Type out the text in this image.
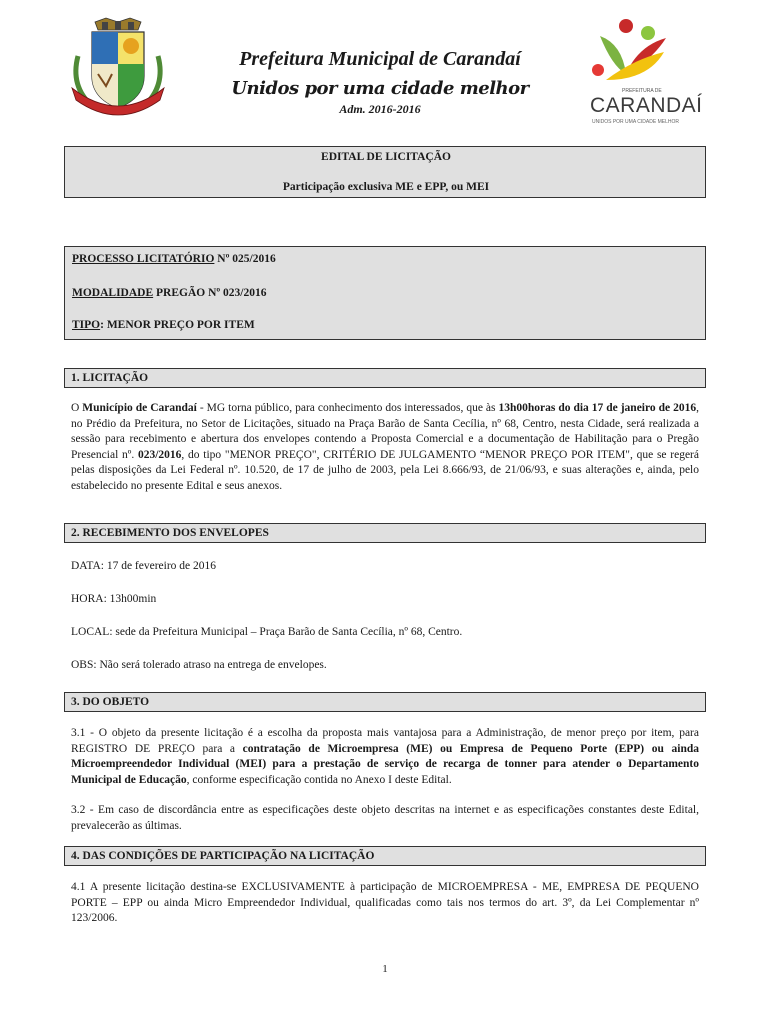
Prefeitura Municipal de Carandaí
Unidos por uma cidade melhor
Adm. 2016-2016
PREFEITURA DE
CARANDAÍ
UNIDOS POR UMA CIDADE MELHOR
EDITAL DE LICITAÇÃO
Participação exclusiva ME e EPP, ou MEI
PROCESSO LICITATÓRIO Nº 025/2016
MODALIDADE PREGÃO Nº 023/2016
TIPO: MENOR PREÇO POR ITEM
1. LICITAÇÃO
O Município de Carandaí - MG torna público, para conhecimento dos interessados, que às 13h00horas do dia 17 de janeiro de 2016, no Prédio da Prefeitura, no Setor de Licitações, situado na Praça Barão de Santa Cecília, nº 68, Centro, nesta Cidade, será realizada a sessão para recebimento e abertura dos envelopes contendo a Proposta Comercial e a documentação de Habilitação para o Pregão Presencial nº. 023/2016, do tipo "MENOR PREÇO", CRITÉRIO DE JULGAMENTO “MENOR PREÇO POR ITEM", que se regerá pelas disposições da Lei Federal nº. 10.520, de 17 de julho de 2003, pela Lei 8.666/93, de 21/06/93, e suas alterações e, ainda, pelo estabelecido no presente Edital e seus anexos.
2. RECEBIMENTO DOS ENVELOPES
DATA: 17 de fevereiro de 2016
HORA: 13h00min
LOCAL: sede da Prefeitura Municipal – Praça Barão de Santa Cecília, nº 68, Centro.
OBS: Não será tolerado atraso na entrega de envelopes.
3. DO OBJETO
3.1 - O objeto da presente licitação é a escolha da proposta mais vantajosa para a Administração, de menor preço por item, para REGISTRO DE PREÇO para a contratação de Microempresa (ME) ou Empresa de Pequeno Porte (EPP) ou ainda Microempreendedor Individual (MEI) para a prestação de serviço de recarga de tonner para atender o Departamento Municipal de Educação, conforme especificação contida no Anexo I deste Edital.
3.2 - Em caso de discordância entre as especificações deste objeto descritas na internet e as especificações constantes deste Edital, prevalecerão as últimas.
4. DAS CONDIÇÕES DE PARTICIPAÇÃO NA LICITAÇÃO
4.1 A presente licitação destina-se EXCLUSIVAMENTE à participação de MICROEMPRESA - ME, EMPRESA DE PEQUENO PORTE – EPP ou ainda Micro Empreendedor Individual, qualificadas como tais nos termos do art. 3º, da Lei Complementar nº 123/2006.
1
